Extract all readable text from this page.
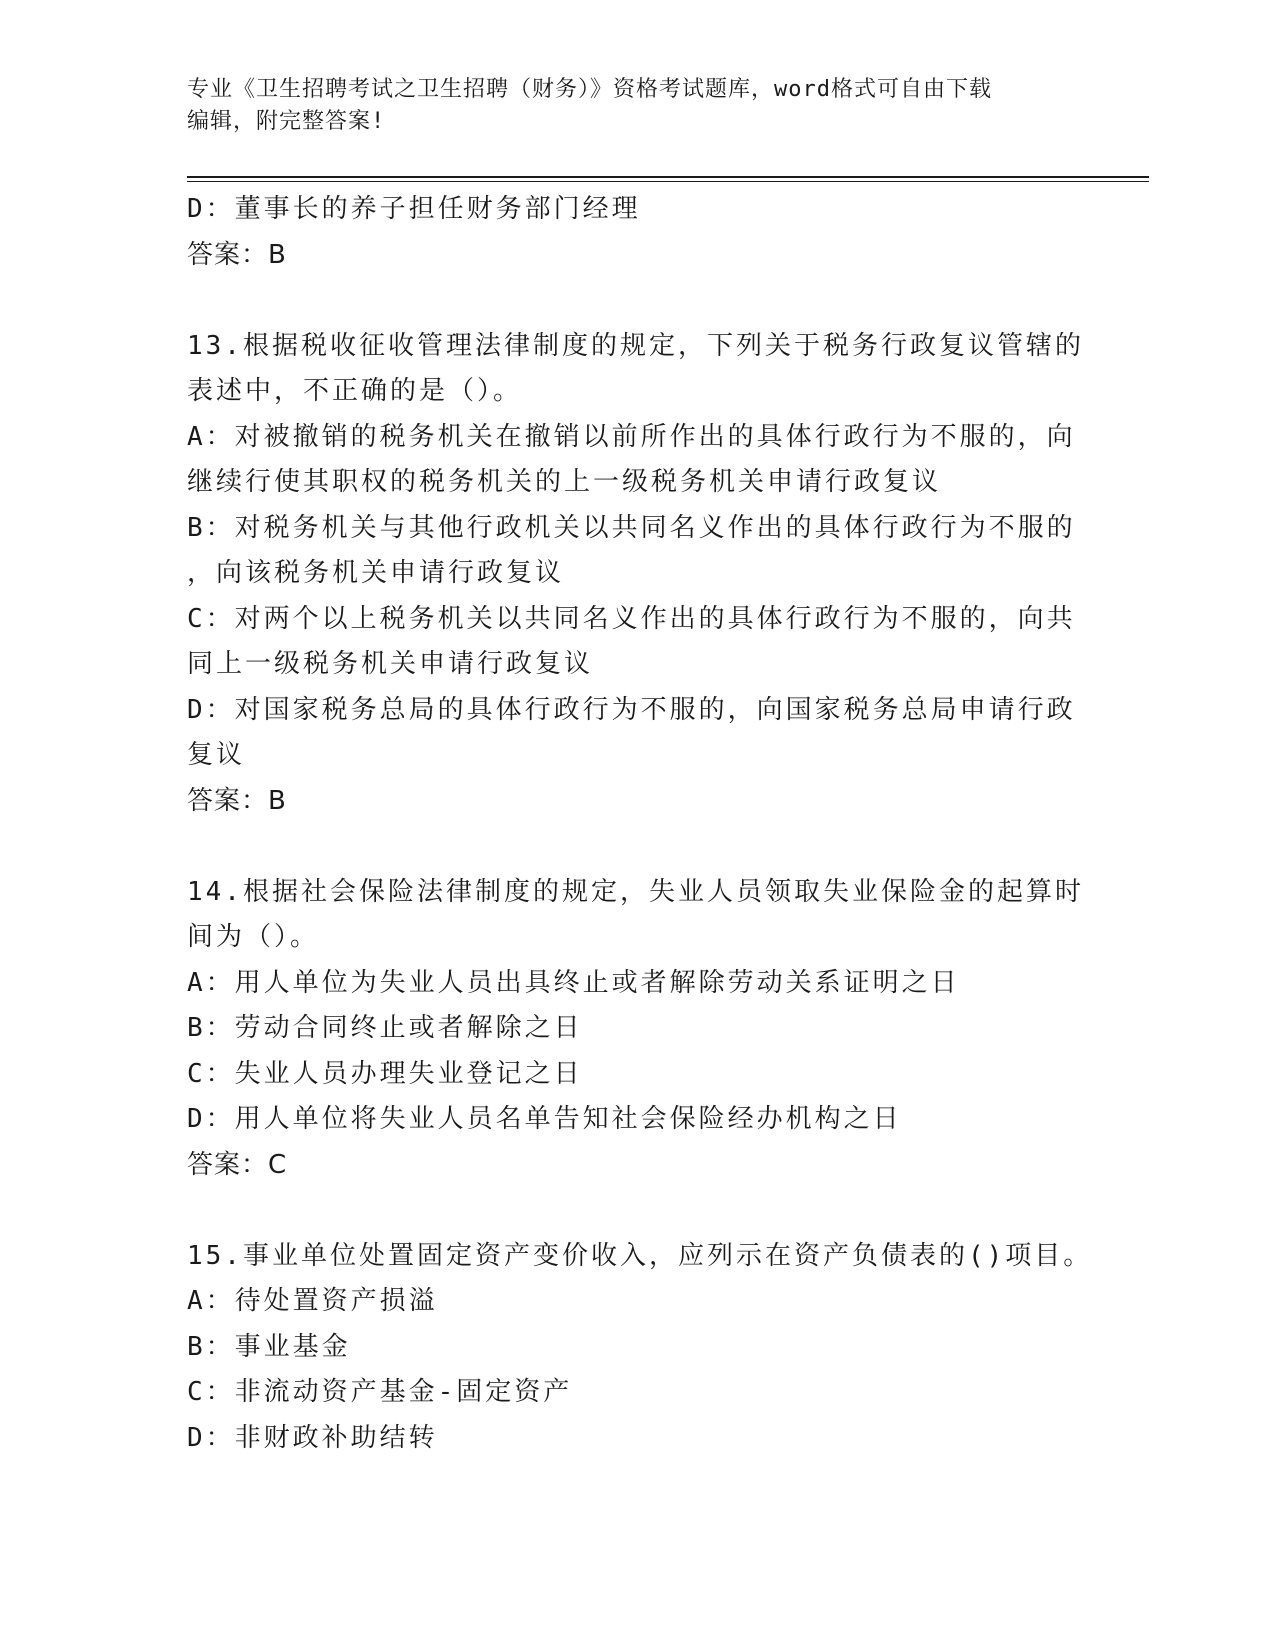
专业《卫生招聘考试之卫生招聘（财务）》资格考试题库，word格式可自由下载
编辑，附完整答案!
D：董事长的养子担任财务部门经理
答案：B
13.根据税收征收管理法律制度的规定，下列关于税务行政复议管辖的
表述中，不正确的是（）。
A：对被撤销的税务机关在撤销以前所作出的具体行政行为不服的，向
继续行使其职权的税务机关的上一级税务机关申请行政复议
B：对税务机关与其他行政机关以共同名义作出的具体行政行为不服的
，向该税务机关申请行政复议
C：对两个以上税务机关以共同名义作出的具体行政行为不服的，向共
同上一级税务机关申请行政复议
D：对国家税务总局的具体行政行为不服的，向国家税务总局申请行政
复议
答案：B
14.根据社会保险法律制度的规定，失业人员领取失业保险金的起算时
间为（）。
A：用人单位为失业人员出具终止或者解除劳动关系证明之日
B：劳动合同终止或者解除之日
C：失业人员办理失业登记之日
D：用人单位将失业人员名单告知社会保险经办机构之日
答案：C
15.事业单位处置固定资产变价收入，应列示在资产负债表的()项目。
A：待处置资产损溢
B：事业基金
C：非流动资产基金-固定资产
D：非财政补助结转
